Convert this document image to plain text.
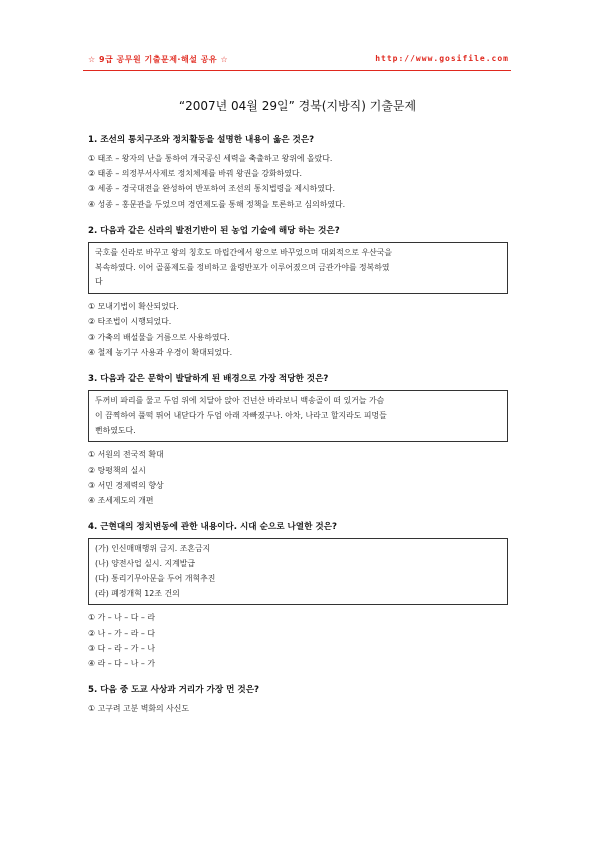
☆ 9급 공무원 기출문제·해설 공유 ☆	http://www.gosifile.com
“2007년 04월 29일” 경북(지방직) 기출문제
1. 조선의 통치구조와 정치활동을 설명한 내용이 옳은 것은?
① 태조 – 왕자의 난을 통하여 개국공신 세력을 축출하고 왕위에 올랐다.
② 태종 – 의정부서사제로 정치체제를 바꿔 왕권을 강화하였다.
③ 세종 – 경국대전을 완성하여 반포하여 조선의 통치법령을 제시하였다.
④ 성종 – 홍문관을 두었으며 경연제도를 통해 정책을 토론하고 심의하였다.
2. 다음과 같은 신라의 발전기반이 된 농업 기술에 해당 하는 것은?
국호를 신라로 바꾸고 왕의 칭호도 마립간에서 왕으로 바꾸었으며 대외적으로 우산국을
복속하였다. 이어 골품제도를 정비하고 율령반포가 이루어졌으며 금관가야를 정복하였
다
① 모내기법이 확산되었다.
② 타조법이 시행되었다.
③ 가축의 배설물을 거름으로 사용하였다.
④ 철제 농기구 사용과 우경이 확대되었다.
3. 다음과 같은 문학이 발달하게 된 배경으로 가장 적당한 것은?
두꺼비 파리를 물고 두엄 위에 치달아 앉아 건넌산 바라보니 백송골이 떠 있거늘 가슴
이 끔찍하여 풀떡 뛰어 내닫다가 두엄 아래 자빠졌구나. 아차, 나라고 할지라도 피멍들
뻔하였도다.
① 서원의 전국적 확대
② 탕평책의 실시
③ 서민 경제력의 향상
④ 조세제도의 개편
4. 근현대의 정치변동에 관한 내용이다. 시대 순으로 나열한 것은?
(가) 인신매매행위 금지. 조혼금지
(나) 양전사업 실시. 지계발급
(다) 통리기무아문을 두어 개혁추진
(라) 폐정개혁 12조 건의
① 가 – 나 – 다 – 라
② 나 – 가 – 라 – 다
③ 다 – 라 – 가 – 나
④ 라 – 다 – 나 – 가
5. 다음 중 도교 사상과 거리가 가장 먼 것은?
① 고구려 고분 벽화의 사신도
